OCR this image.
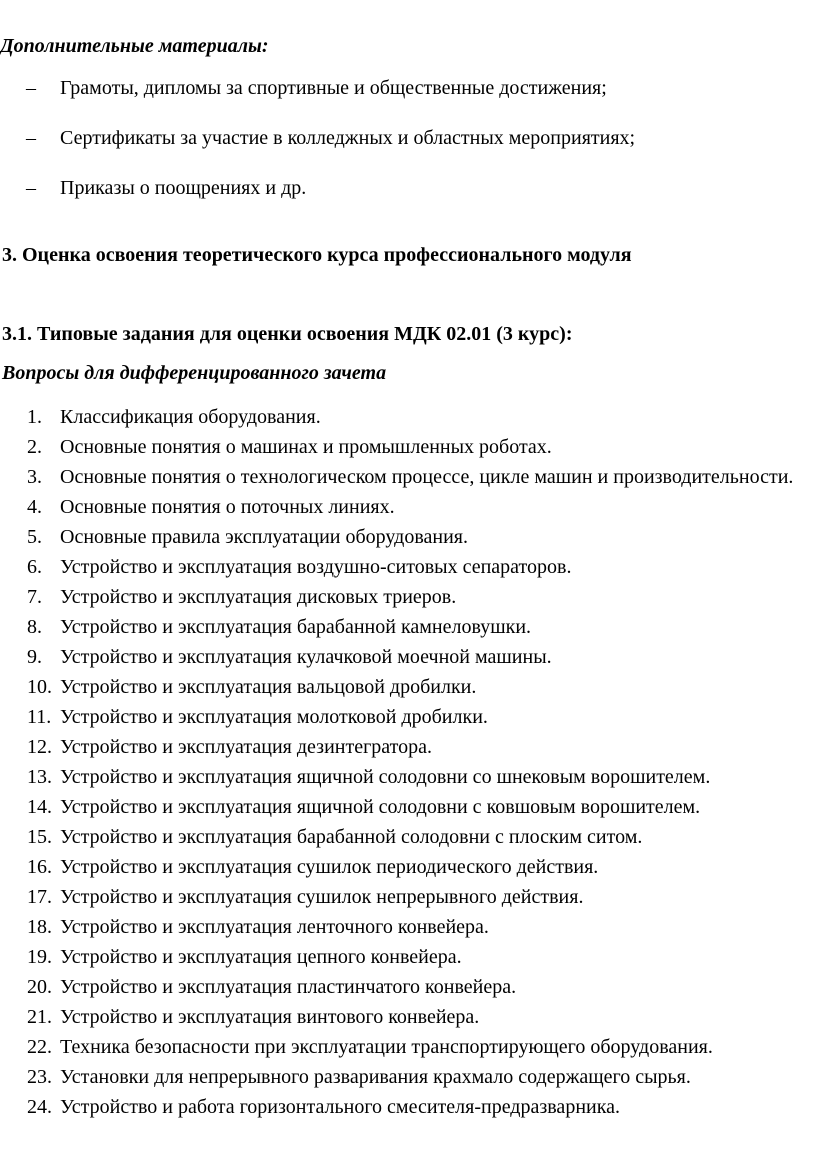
Дополнительные материалы:
– Грамоты, дипломы за спортивные и общественные достижения;
– Сертификаты за участие в колледжных и областных мероприятиях;
– Приказы о поощрениях и др.
3. Оценка освоения теоретического курса профессионального модуля
3.1. Типовые задания для оценки освоения МДК 02.01 (3 курс):
Вопросы для дифференцированного зачета
1. Классификация оборудования.
2. Основные понятия о машинах и промышленных роботах.
3. Основные понятия о технологическом процессе, цикле машин и производительности.
4. Основные понятия о поточных линиях.
5. Основные правила эксплуатации оборудования.
6. Устройство и эксплуатация воздушно-ситовых сепараторов.
7. Устройство и эксплуатация дисковых триеров.
8. Устройство и эксплуатация барабанной камнеловушки.
9. Устройство и эксплуатация кулачковой моечной машины.
10. Устройство и эксплуатация вальцовой дробилки.
11. Устройство и эксплуатация молотковой дробилки.
12. Устройство и эксплуатация дезинтегратора.
13. Устройство и эксплуатация ящичной солодовни со шнековым ворошителем.
14. Устройство и эксплуатация ящичной солодовни с ковшовым ворошителем.
15. Устройство и эксплуатация барабанной солодовни с плоским ситом.
16. Устройство и эксплуатация сушилок периодического действия.
17. Устройство и эксплуатация сушилок непрерывного действия.
18. Устройство и эксплуатация ленточного конвейера.
19. Устройство и эксплуатация цепного конвейера.
20. Устройство и эксплуатация пластинчатого конвейера.
21. Устройство и эксплуатация винтового конвейера.
22. Техника безопасности при эксплуатации транспортирующего оборудования.
23. Установки для непрерывного разваривания крахмало содержащего сырья.
24. Устройство и работа горизонтального смесителя-предразварника.
